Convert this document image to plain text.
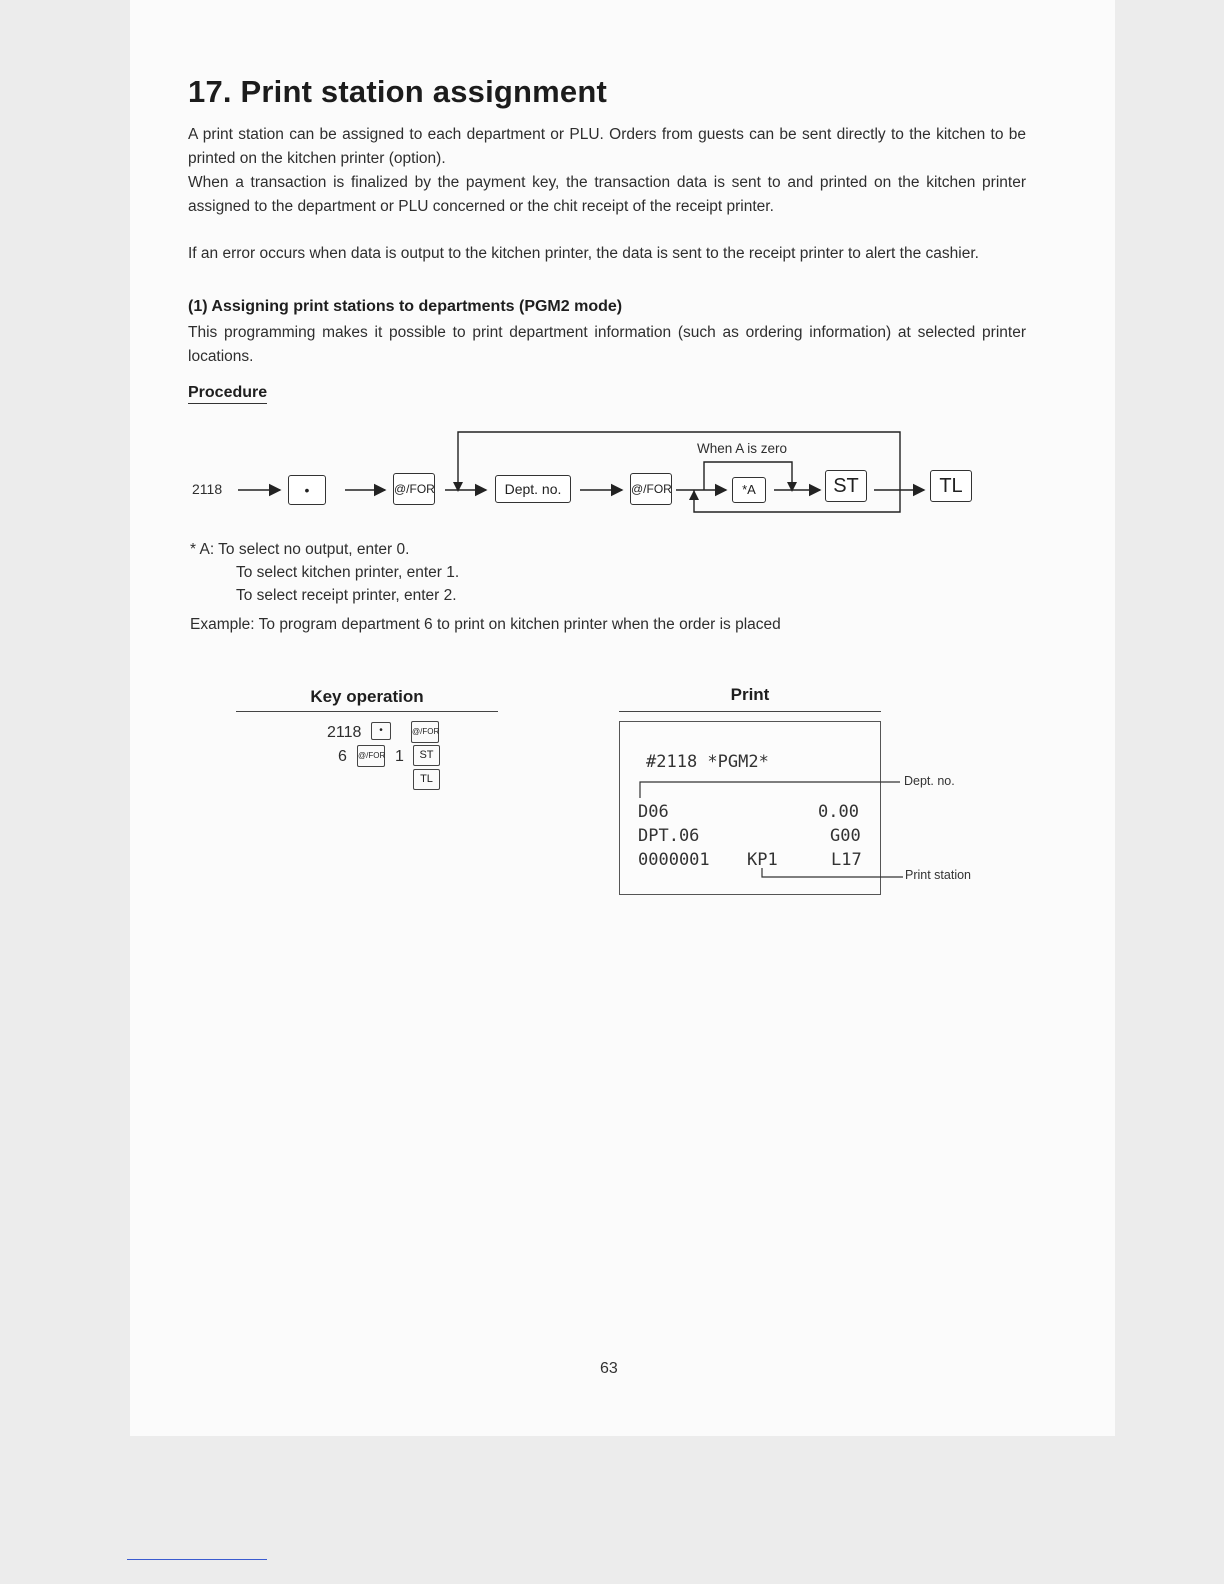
17. Print station assignment

A print station can be assigned to each department or PLU. Orders from guests can be sent directly to the kitchen to be printed on the kitchen printer (option).

When a transaction is finalized by the payment key, the transaction data is sent to and printed on the kitchen printer assigned to the department or PLU concerned or the chit receipt of the receipt printer.

If an error occurs when data is output to the kitchen printer, the data is sent to the receipt printer to alert the cashier.

(1) Assigning print stations to departments (PGM2 mode)

This programming makes it possible to print department information (such as ordering information) at selected printer locations.

Procedure
2118	•	@/FOR	Dept. no.	@/FOR	*A	ST	TL
When A is zero
* A: To select no output, enter 0.
To select kitchen printer, enter 1.
To select receipt printer, enter 2.
Example: To program department 6 to print on kitchen printer when the order is placed
Key operation
2118	•	@/FOR
6 @/FOR 1	ST
TL
Print
#2118 *PGM2*
D06	0.00
DPT.06	G00
0000001 KP1	L17
Dept. no.
Print station
63
